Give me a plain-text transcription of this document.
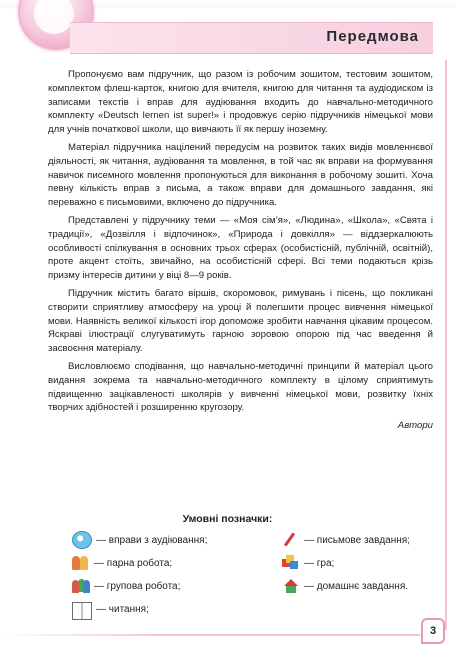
Передмова

Пропонуємо вам підручник, що разом із робочим зошитом, тестовим зошитом, комплектом флеш-карток, книгою для вчителя, книгою для читання та аудіодиском із записами текстів і вправ для аудіювання входить до навчально-методичного комплекту «Deutsch lernen ist super!» і продовжує серію підручників німецької мови для учнів початкової школи, що вивчають її як першу іноземну.

Матеріал підручника націлений передусім на розвиток таких видів мовленнєвої діяльності, як читання, аудіювання та мовлення, в той час як вправи на формування навичок писемного мовлення пропонуються для виконання в робочому зошиті. Хоча певну кількість вправ з письма, а також вправи для домашнього завдання, які переважно є письмовими, включено до підручника.

Представлені у підручнику теми — «Моя сім’я», «Людина», «Школа», «Свята і традиції», «Дозвілля і відпочинок», «Природа і довкілля» — віддзеркалюють особливості спілкування в основних трьох сферах (особистісній, публічній, освітній), проте акцент стоїть, звичайно, на особистісній сфері. Всі теми подаються крізь призму інтересів дитини у віці 8—9 років.

Підручник містить багато віршів, скоромовок, римувань і пісень, що покликані створити сприятливу атмосферу на уроці й полегшити процес вивчення німецької мови. Наявність великої кількості ігор допоможе зробити навчання цікавим процесом. Яскраві ілюстрації слугуватимуть гарною зоровою опорою під час введення й засвоєння матеріалу.

Висловлюємо сподівання, що навчально-методичні принципи й матеріал цього видання зокрема та навчально-методичного комплекту в цілому сприятимуть підвищенню зацікавленості школярів у вивченні німецької мови, розвитку їхніх творчих здібностей і розширенню кругозору.

Автори
Умовні позначки:
— вправи з аудіювання;
— парна робота;
— групова робота;
— читання;
— письмове завдання;
— гра;
— домашнє завдання.
3
